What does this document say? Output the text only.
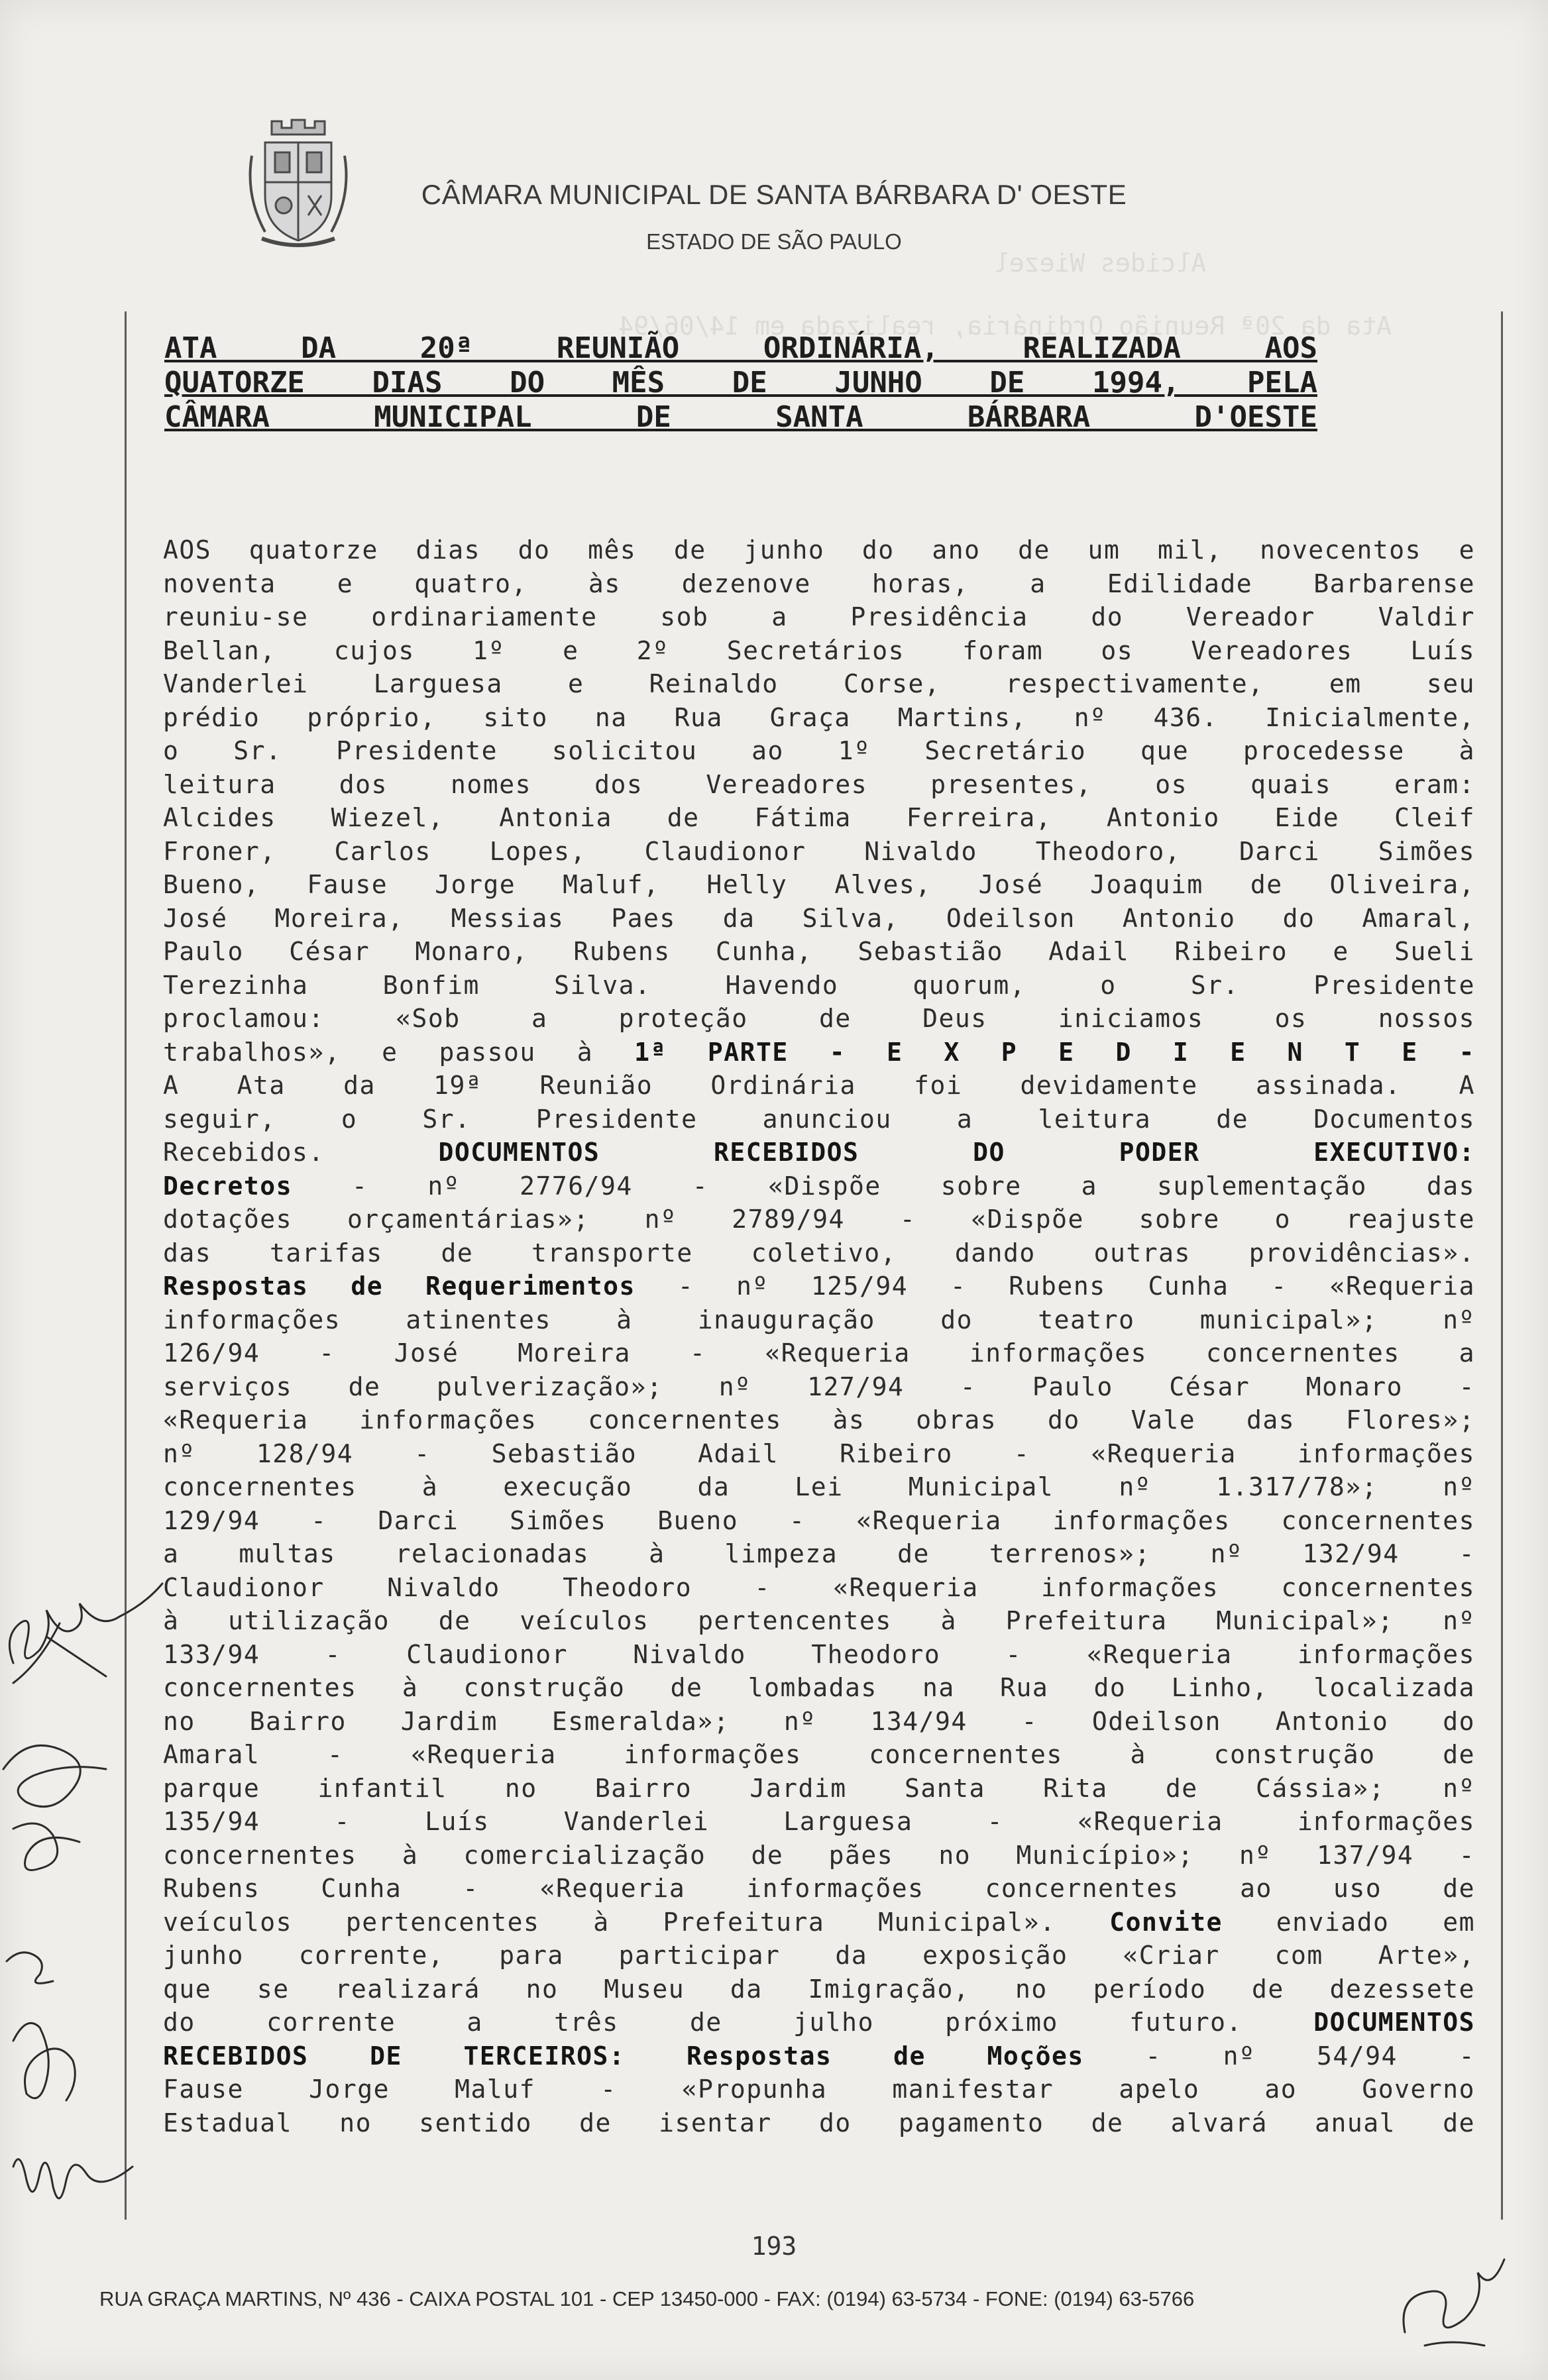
Alcides Wiezel
Ata da 20ª Reunião Ordinária, realizada em 14/06/94
CÂMARA MUNICIPAL DE SANTA BÁRBARA D' OESTE
ESTADO DE SÃO PAULO
ATA DA 20ª REUNIÃO ORDINÁRIA, REALIZADA AOS
QUATORZE DIAS DO MÊS DE JUNHO DE 1994, PELA
CÂMARA MUNICIPAL DE SANTA BÁRBARA D'OESTE
AOS quatorze dias do mês de junho do ano de um mil, novecentos e
noventa e quatro, às dezenove horas, a Edilidade Barbarense
reuniu-se ordinariamente sob a Presidência do Vereador Valdir
Bellan, cujos 1º e 2º Secretários foram os Vereadores Luís
Vanderlei Larguesa e Reinaldo Corse, respectivamente, em seu
prédio próprio, sito na Rua Graça Martins, nº 436. Inicialmente,
o Sr. Presidente solicitou ao 1º Secretário que procedesse à
leitura dos nomes dos Vereadores presentes, os quais eram:
Alcides Wiezel, Antonia de Fátima Ferreira, Antonio Eide Cleif
Froner, Carlos Lopes, Claudionor Nivaldo Theodoro, Darci Simões
Bueno, Fause Jorge Maluf, Helly Alves, José Joaquim de Oliveira,
José Moreira, Messias Paes da Silva, Odeilson Antonio do Amaral,
Paulo César Monaro, Rubens Cunha, Sebastião Adail Ribeiro e Sueli
Terezinha Bonfim Silva. Havendo quorum, o Sr. Presidente
proclamou: «Sob a proteção de Deus iniciamos os nossos
trabalhos», e passou à 1ª PARTE - E X P E D I E N T E -
A Ata da 19ª Reunião Ordinária foi devidamente assinada. A
seguir, o Sr. Presidente anunciou a leitura de Documentos
Recebidos. DOCUMENTOS RECEBIDOS DO PODER EXECUTIVO:
Decretos - nº 2776/94 - «Dispõe sobre a suplementação das
dotações orçamentárias»; nº 2789/94 - «Dispõe sobre o reajuste
das tarifas de transporte coletivo, dando outras providências».
Respostas de Requerimentos - nº 125/94 - Rubens Cunha - «Requeria
informações atinentes à inauguração do teatro municipal»; nº
126/94 - José Moreira - «Requeria informações concernentes a
serviços de pulverização»; nº 127/94 - Paulo César Monaro -
«Requeria informações concernentes às obras do Vale das Flores»;
nº 128/94 - Sebastião Adail Ribeiro - «Requeria informações
concernentes à execução da Lei Municipal nº 1.317/78»; nº
129/94 - Darci Simões Bueno - «Requeria informações concernentes
a multas relacionadas à limpeza de terrenos»; nº 132/94 -
Claudionor Nivaldo Theodoro - «Requeria informações concernentes
à utilização de veículos pertencentes à Prefeitura Municipal»; nº
133/94 - Claudionor Nivaldo Theodoro - «Requeria informações
concernentes à construção de lombadas na Rua do Linho, localizada
no Bairro Jardim Esmeralda»; nº 134/94 - Odeilson Antonio do
Amaral - «Requeria informações concernentes à construção de
parque infantil no Bairro Jardim Santa Rita de Cássia»; nº
135/94 - Luís Vanderlei Larguesa - «Requeria informações
concernentes à comercialização de pães no Município»; nº 137/94 -
Rubens Cunha - «Requeria informações concernentes ao uso de
veículos pertencentes à Prefeitura Municipal». Convite enviado em
junho corrente, para participar da exposição «Criar com Arte»,
que se realizará no Museu da Imigração, no período de dezessete
do corrente a três de julho próximo futuro. DOCUMENTOS
RECEBIDOS DE TERCEIROS: Respostas de Moções - nº 54/94 -
Fause Jorge Maluf - «Propunha manifestar apelo ao Governo
Estadual no sentido de isentar do pagamento de alvará anual de
193
RUA GRAÇA MARTINS, Nº 436 - CAIXA POSTAL 101 - CEP 13450-000 - FAX: (0194) 63-5734 - FONE: (0194) 63-5766
